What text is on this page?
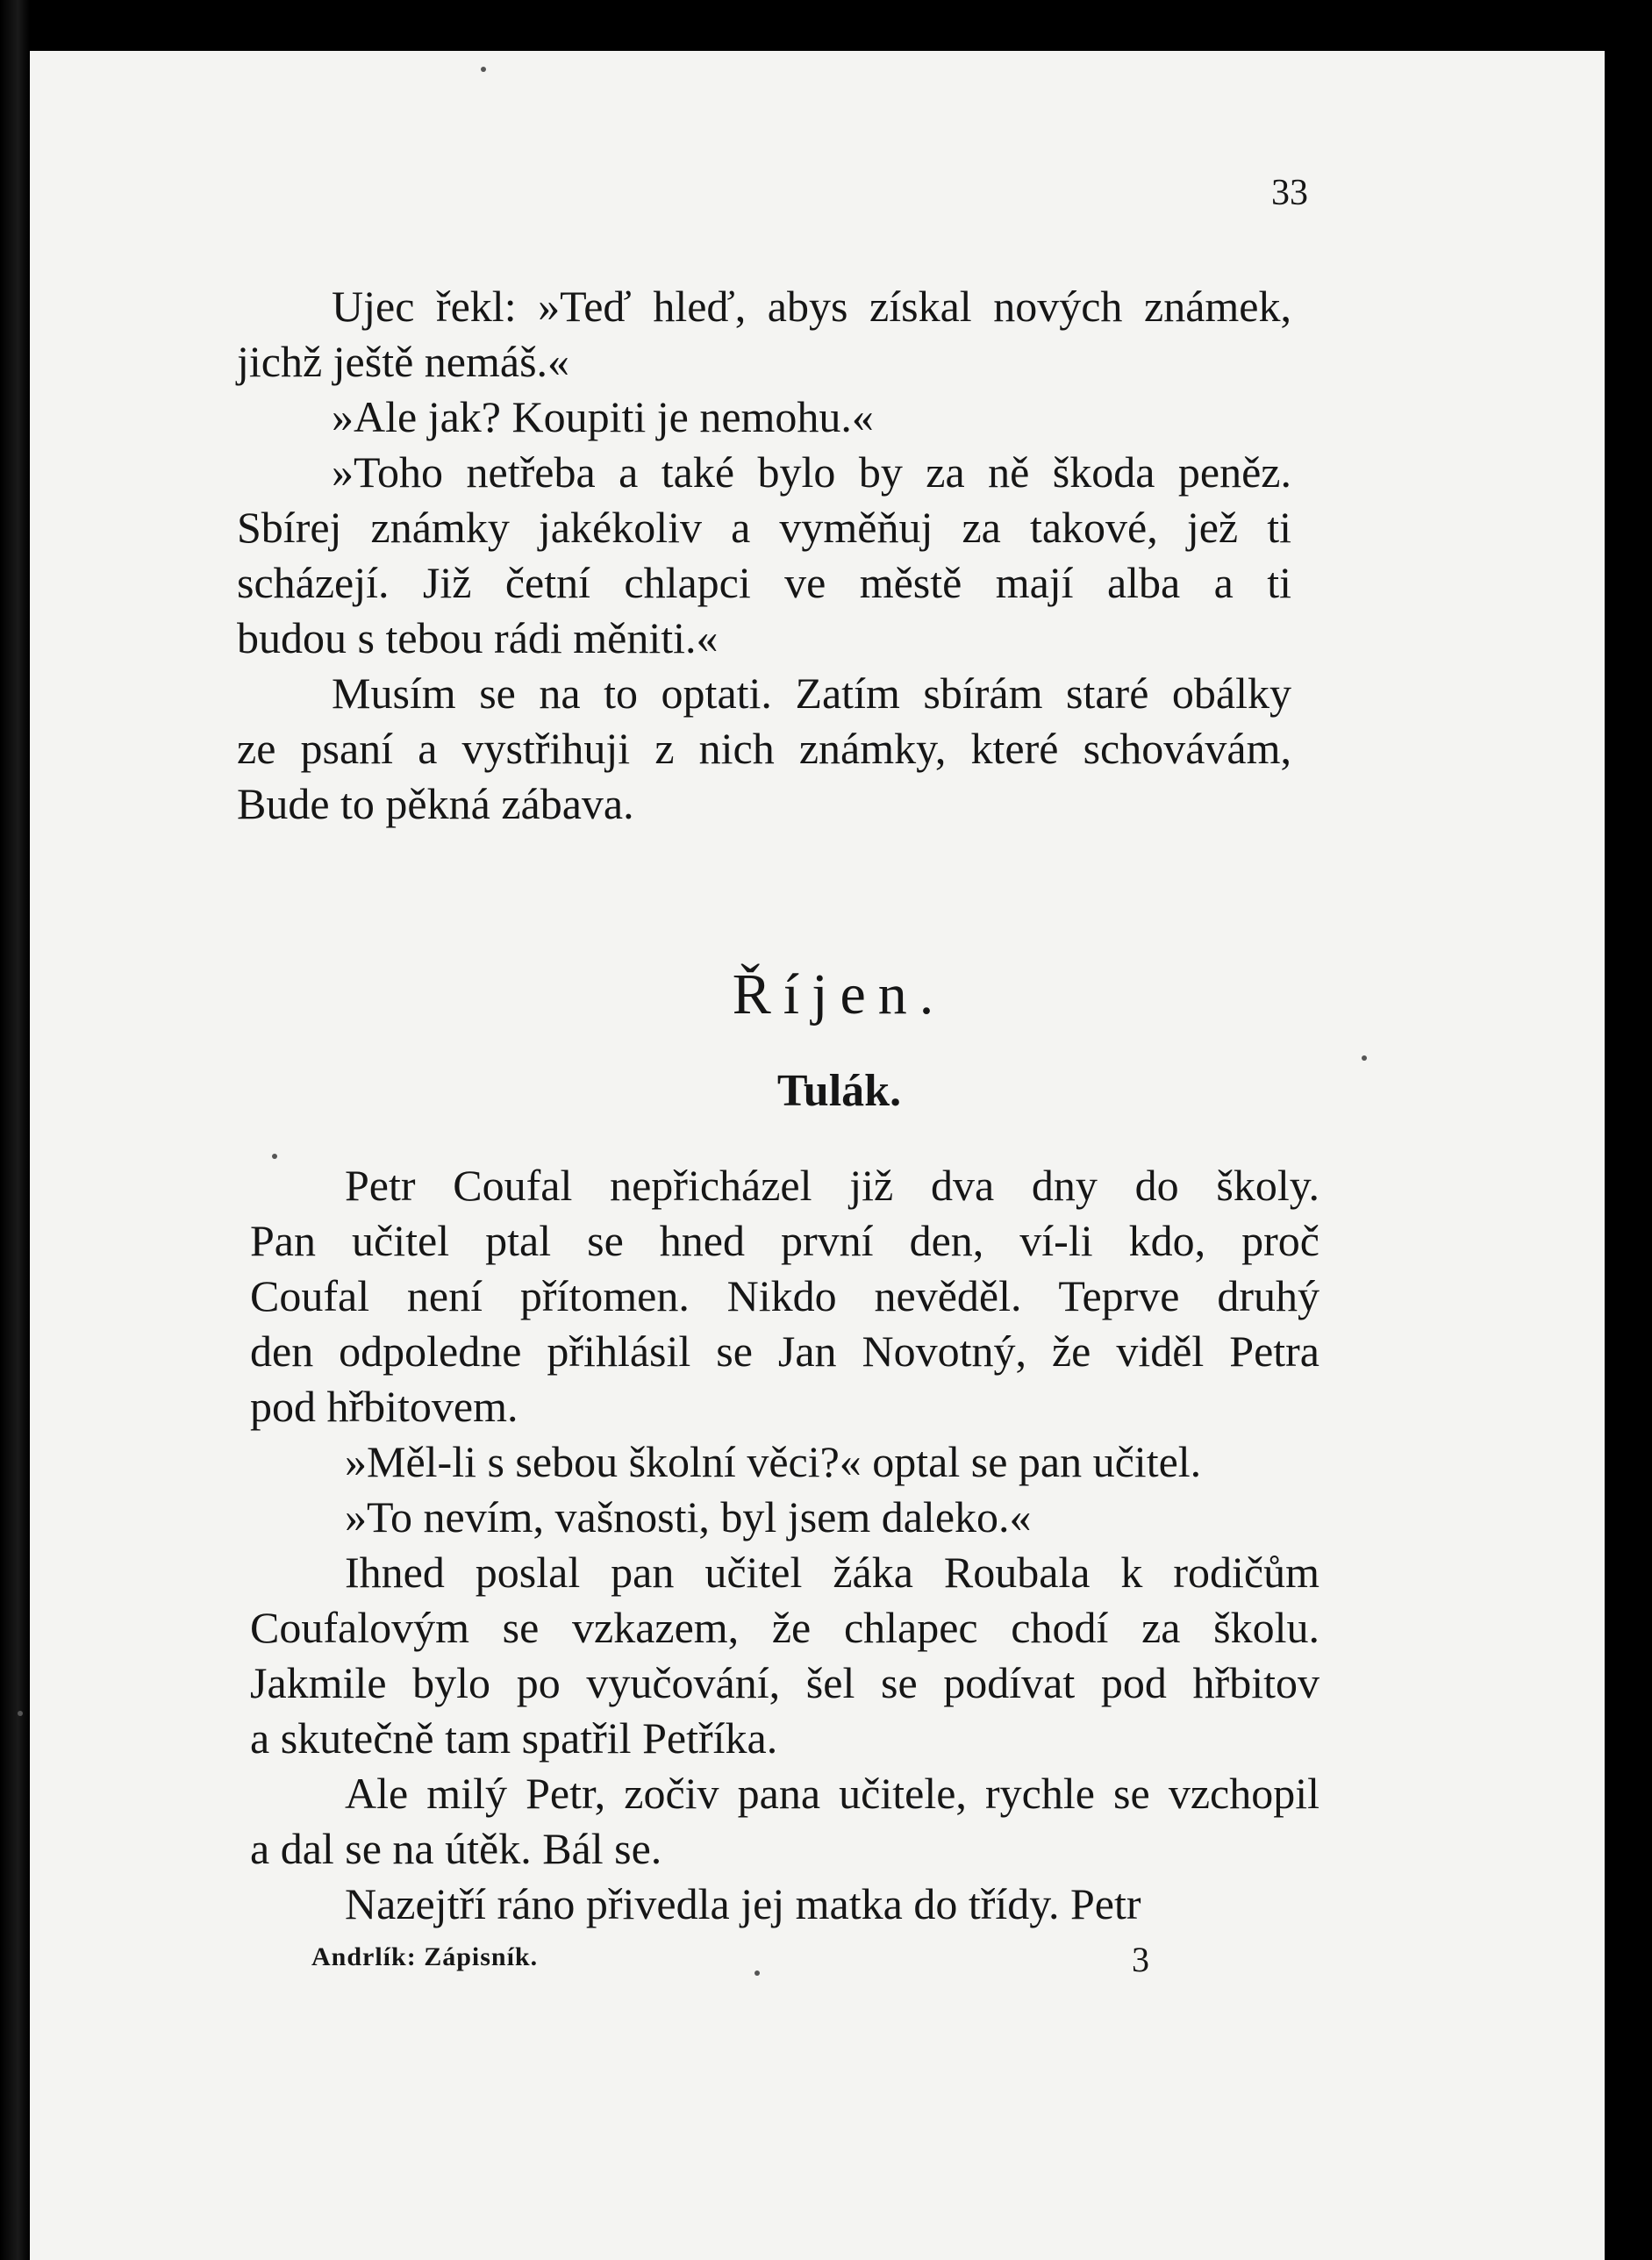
33
Ujec řekl: »Teď hleď, abys získal nových známek,
jichž ještě nemáš.«
»Ale jak? Koupiti je nemohu.«
»Toho netřeba a také bylo by za ně škoda peněz.
Sbírej známky jakékoliv a vyměňuj za takové, jež ti
scházejí. Již četní chlapci ve městě mají alba a ti
budou s tebou rádi měniti.«
Musím se na to optati. Zatím sbírám staré obálky
ze psaní a vystřihuji z nich známky, které schovávám,
Bude to pěkná zábava.
Říjen.
Tulák.
Petr Coufal nepřicházel již dva dny do školy.
Pan učitel ptal se hned první den, ví-li kdo, proč
Coufal není přítomen. Nikdo nevěděl. Teprve druhý
den odpoledne přihlásil se Jan Novotný, že viděl Petra
pod hřbitovem.
»Měl-li s sebou školní věci?« optal se pan učitel.
»To nevím, vašnosti, byl jsem daleko.«
Ihned poslal pan učitel žáka Roubala k rodičům
Coufalovým se vzkazem, že chlapec chodí za školu.
Jakmile bylo po vyučování, šel se podívat pod hřbitov
a skutečně tam spatřil Petříka.
Ale milý Petr, zočiv pana učitele, rychle se vzchopil
a dal se na útěk. Bál se.
Nazejtří ráno přivedla jej matka do třídy. Petr
Andrlík: Zápisník.	3
